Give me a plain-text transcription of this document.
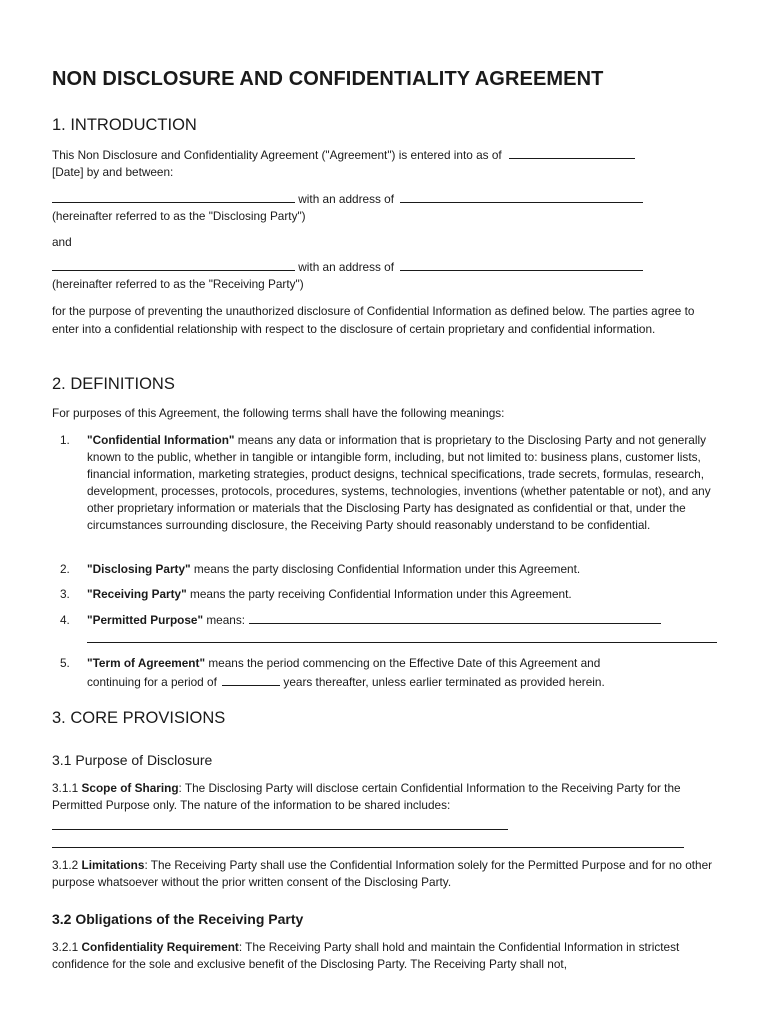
NON DISCLOSURE AND CONFIDENTIALITY AGREEMENT
1. INTRODUCTION
This Non Disclosure and Confidentiality Agreement ("Agreement") is entered into as of
[Date] by and between:
with an address of
(hereinafter referred to as the "Disclosing Party")
and
with an address of
(hereinafter referred to as the "Receiving Party")

for the purpose of preventing the unauthorized disclosure of Confidential Information as defined below. The parties agree to enter into a confidential relationship with respect to the disclosure of certain proprietary and confidential information.

2. DEFINITIONS
For purposes of this Agreement, the following terms shall have the following meanings:
1. "Confidential Information" means any data or information that is proprietary to the Disclosing Party and not generally known to the public, whether in tangible or intangible form, including, but not limited to: business plans, customer lists, financial information, marketing strategies, product designs, technical specifications, trade secrets, formulas, research, development, processes, protocols, procedures, systems, technologies, inventions (whether patentable or not), and any other proprietary information or materials that the Disclosing Party has designated as confidential or that, under the circumstances surrounding disclosure, the Receiving Party should reasonably understand to be confidential.

2. "Disclosing Party" means the party disclosing Confidential Information under this Agreement.

3. "Receiving Party" means the party receiving Confidential Information under this Agreement.

4. "Permitted Purpose" means:

5. "Term of Agreement" means the period commencing on the Effective Date of this Agreement and

continuing for a period of	years thereafter, unless earlier terminated as provided herein.
3. CORE PROVISIONS
3.1 Purpose of Disclosure

3.1.1 Scope of Sharing: The Disclosing Party will disclose certain Confidential Information to the Receiving Party for the Permitted Purpose only. The nature of the information to be shared includes:

3.1.2 Limitations: The Receiving Party shall use the Confidential Information solely for the Permitted Purpose and for no other purpose whatsoever without the prior written consent of the Disclosing Party.

3.2 Obligations of the Receiving Party

3.2.1 Confidentiality Requirement: The Receiving Party shall hold and maintain the Confidential Information in strictest confidence for the sole and exclusive benefit of the Disclosing Party. The Receiving Party shall not,
